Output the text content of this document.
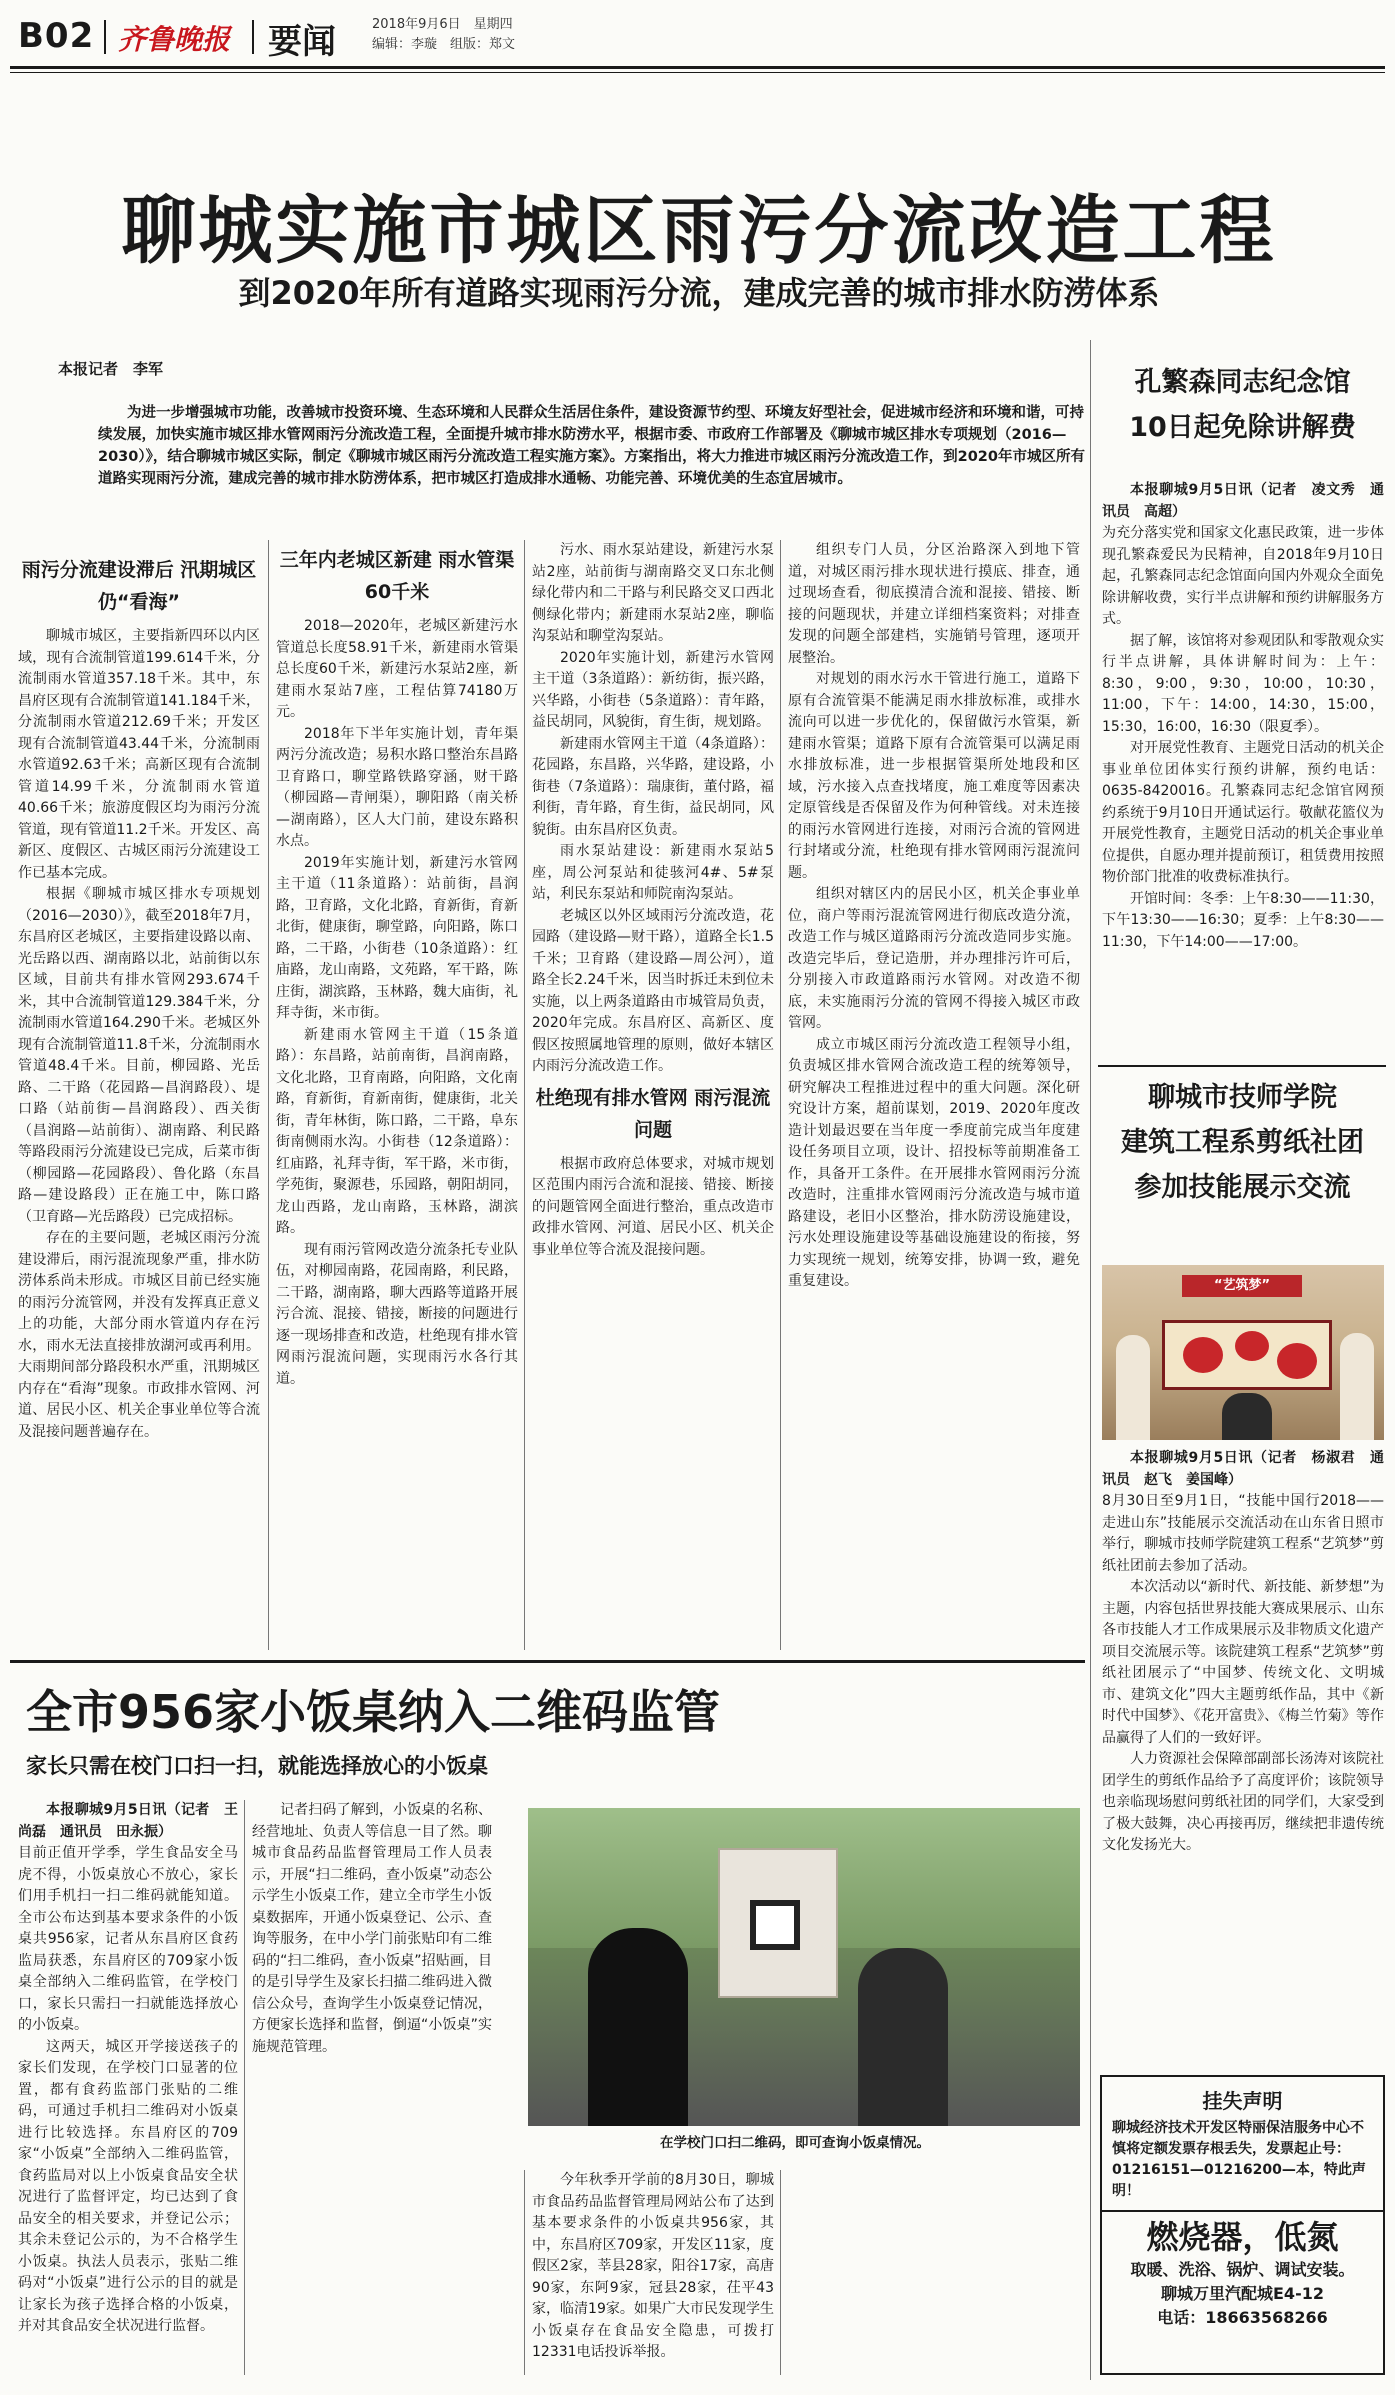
B02 齐鲁晚报 要闻	2018年9月6日　星期四
编辑：李璇　组版：郑文
聊城实施市城区雨污分流改造工程
到2020年所有道路实现雨污分流，建成完善的城市排水防涝体系
本报记者　李军
为进一步增强城市功能，改善城市投资环境、生态环境和人民群众生活居住条件，建设资源节约型、环境友好型社会，促进城市经济和环境和谐，可持续发展，加快实施市城区排水管网雨污分流改造工程，全面提升城市排水防涝水平，根据市委、市政府工作部署及《聊城市城区排水专项规划（2016—2030）》，结合聊城市城区实际，制定《聊城市城区雨污分流改造工程实施方案》。方案指出，将大力推进市城区雨污分流改造工作，到2020年市城区所有道路实现雨污分流，建成完善的城市排水防涝体系，把市城区打造成排水通畅、功能完善、环境优美的生态宜居城市。
雨污分流建设滞后 汛期城区仍“看海”

聊城市城区，主要指新四环以内区域，现有合流制管道199.614千米，分流制雨水管道357.18千米。其中，东昌府区现有合流制管道141.184千米，分流制雨水管道212.69千米；开发区现有合流制管道43.44千米，分流制雨水管道92.63千米；高新区现有合流制管道14.99千米，分流制雨水管道40.66千米；旅游度假区均为雨污分流管道，现有管道11.2千米。开发区、高新区、度假区、古城区雨污分流建设工作已基本完成。

根据《聊城市城区排水专项规划（2016—2030）》，截至2018年7月，东昌府区老城区，主要指建设路以南、光岳路以西、湖南路以北，站前街以东区域，目前共有排水管网293.674千米，其中合流制管道129.384千米，分流制雨水管道164.290千米。老城区外现有合流制管道11.8千米，分流制雨水管道48.4千米。目前，柳园路、光岳路、二干路（花园路—昌润路段）、堤口路（站前街—昌润路段）、西关街（昌润路—站前街）、湖南路、利民路等路段雨污分流建设已完成，后菜市街（柳园路—花园路段）、鲁化路（东昌路—建设路段）正在施工中，陈口路（卫育路—光岳路段）已完成招标。

存在的主要问题，老城区雨污分流建设滞后，雨污混流现象严重，排水防涝体系尚未形成。市城区目前已经实施的雨污分流管网，并没有发挥真正意义上的功能，大部分雨水管道内存在污水，雨水无法直接排放湖河或再利用。大雨期间部分路段积水严重，汛期城区内存在“看海”现象。市政排水管网、河道、居民小区、机关企事业单位等合流及混接问题普遍存在。

三年内老城区新建 雨水管渠60千米

2018—2020年，老城区新建污水管道总长度58.91千米，新建雨水管渠总长度60千米，新建污水泵站2座，新建雨水泵站7座，工程估算74180万元。

2018年下半年实施计划，青年渠两污分流改造；易积水路口整治东昌路卫育路口，聊堂路铁路穿涵，财干路（柳园路—青闸渠），聊阳路（南关桥—湖南路），区人大门前，建设东路积水点。

2019年实施计划，新建污水管网主干道（11条道路）：站前街，昌润路，卫育路，文化北路，育新街，育新北街，健康街，聊堂路，向阳路，陈口路，二干路，小街巷（10条道路）：红庙路，龙山南路，文苑路，军干路，陈庄街，湖滨路，玉林路，魏大庙街，礼拜寺街，米市街。

新建雨水管网主干道（15条道路）：东昌路，站前南街，昌润南路，文化北路，卫育南路，向阳路，文化南路，育新街，育新南街，健康街，北关街，青年林街，陈口路，二干路，阜东街南侧雨水沟。小街巷（12条道路）：红庙路，礼拜寺街，军干路，米市街，学苑街，聚源巷，乐园路，朝阳胡同，龙山西路，龙山南路，玉林路，湖滨路。

现有雨污管网改造分流条托专业队伍，对柳园南路，花园南路，利民路，二干路，湖南路，聊大西路等道路开展污合流、混接、错接，断接的问题进行逐一现场排查和改造，杜绝现有排水管网雨污混流问题，实现雨污水各行其道。

污水、雨水泵站建设，新建污水泵站2座，站前街与湖南路交叉口东北侧绿化带内和二干路与利民路交叉口西北侧绿化带内；新建雨水泵站2座，聊临沟泵站和聊堂沟泵站。

2020年实施计划，新建污水管网主干道（3条道路）：新纺街，振兴路，兴华路，小街巷（5条道路）：青年路，益民胡同，风貌街，育生街，规划路。

新建雨水管网主干道（4条道路）：花园路，东昌路，兴华路，建设路，小街巷（7条道路）：瑞康街，董付路，福利街，青年路，育生街，益民胡同，风貌街。由东昌府区负责。

雨水泵站建设：新建雨水泵站5座，周公河泵站和徒骇河4#、5#泵站，利民东泵站和师院南沟泵站。

老城区以外区域雨污分流改造，花园路（建设路—财干路），道路全长1.5千米；卫育路（建设路—周公河），道路全长2.24千米，因当时拆迁未到位未实施，以上两条道路由市城管局负责，2020年完成。东昌府区、高新区、度假区按照属地管理的原则，做好本辖区内雨污分流改造工作。

杜绝现有排水管网 雨污混流问题

根据市政府总体要求，对城市规划区范围内雨污合流和混接、错接、断接的问题管网全面进行整治，重点改造市政排水管网、河道、居民小区、机关企事业单位等合流及混接问题。

组织专门人员，分区治路深入到地下管道，对城区雨污排水现状进行摸底、排查，通过现场查看，彻底摸清合流和混接、错接、断接的问题现状，并建立详细档案资料；对排查发现的问题全部建档，实施销号管理，逐项开展整治。

对规划的雨水污水干管进行施工，道路下原有合流管渠不能满足雨水排放标准，或排水流向可以进一步优化的，保留做污水管渠，新建雨水管渠；道路下原有合流管渠可以满足雨水排放标准，进一步根据管渠所处地段和区域，污水接入点查找堵度，施工难度等因素决定原管线是否保留及作为何种管线。对未连接的雨污水管网进行连接，对雨污合流的管网进行封堵或分流，杜绝现有排水管网雨污混流问题。

组织对辖区内的居民小区，机关企事业单位，商户等雨污混流管网进行彻底改造分流，改造工作与城区道路雨污分流改造同步实施。改造完毕后，登记造册，并办理排污许可后，分别接入市政道路雨污水管网。对改造不彻底，未实施雨污分流的管网不得接入城区市政管网。

成立市城区雨污分流改造工程领导小组，负责城区排水管网合流改造工程的统筹领导，研究解决工程推进过程中的重大问题。深化研究设计方案，超前谋划，2019、2020年度改造计划最迟要在当年度一季度前完成当年度建设任务项目立项，设计、招投标等前期准备工作，具备开工条件。在开展排水管网雨污分流改造时，注重排水管网雨污分流改造与城市道路建设，老旧小区整治，排水防涝设施建设，污水处理设施建设等基础设施建设的衔接，努力实现统一规划，统筹安排，协调一致，避免重复建设。

孔繁森同志纪念馆
10日起免除讲解费

本报聊城9月5日讯（记者　凌文秀　通讯员　高超）

为充分落实党和国家文化惠民政策，进一步体现孔繁森爱民为民精神，自2018年9月10日起，孔繁森同志纪念馆面向国内外观众全面免除讲解收费，实行半点讲解和预约讲解服务方式。

据了解，该馆将对参观团队和零散观众实行半点讲解，具体讲解时间为：上午：8:30，9:00，9:30，10:00，10:30，11:00，下午：14:00，14:30，15:00，15:30，16:00，16:30（限夏季）。

对开展党性教育、主题党日活动的机关企事业单位团体实行预约讲解，预约电话：0635-8420016。孔繁森同志纪念馆官网预约系统于9月10日开通试运行。敬献花篮仪为开展党性教育，主题党日活动的机关企事业单位提供，自愿办理并提前预订，租赁费用按照物价部门批准的收费标准执行。

开馆时间：冬季：上午8:30——11:30，下午13:30——16:30；夏季：上午8:30——11:30，下午14:00——17:00。

聊城市技师学院
建筑工程系剪纸社团
参加技能展示交流
“艺筑梦”

本报聊城9月5日讯（记者　杨淑君　通讯员　赵飞　姜国峰）

8月30日至9月1日，“技能中国行2018——走进山东”技能展示交流活动在山东省日照市举行，聊城市技师学院建筑工程系“艺筑梦”剪纸社团前去参加了活动。

本次活动以“新时代、新技能、新梦想”为主题，内容包括世界技能大赛成果展示、山东各市技能人才工作成果展示及非物质文化遗产项目交流展示等。该院建筑工程系“艺筑梦”剪纸社团展示了“中国梦、传统文化、文明城市、建筑文化”四大主题剪纸作品，其中《新时代中国梦》、《花开富贵》、《梅兰竹菊》等作品赢得了人们的一致好评。

人力资源社会保障部副部长汤涛对该院社团学生的剪纸作品给予了高度评价；该院领导也亲临现场慰问剪纸社团的同学们，大家受到了极大鼓舞，决心再接再厉，继续把非遗传统文化发扬光大。

挂失声明
聊城经济技术开发区特丽保洁服务中心不慎将定额发票存根丢失，发票起止号：01216151—01216200—本，特此声明！
燃烧器，低氮
取暖、洗浴、锅炉、调试安装。
聊城万里汽配城E4-12
电话：18663568266
全市956家小饭桌纳入二维码监管
家长只需在校门口扫一扫，就能选择放心的小饭桌

本报聊城9月5日讯（记者　王尚磊　通讯员　田永振）

目前正值开学季，学生食品安全马虎不得，小饭桌放心不放心，家长们用手机扫一扫二维码就能知道。全市公布达到基本要求条件的小饭桌共956家，记者从东昌府区食药监局获悉，东昌府区的709家小饭桌全部纳入二维码监管，在学校门口，家长只需扫一扫就能选择放心的小饭桌。

这两天，城区开学接送孩子的家长们发现，在学校门口显著的位置，都有食药监部门张贴的二维码，可通过手机扫二维码对小饭桌进行比较选择。东昌府区的709家“小饭桌”全部纳入二维码监管，食药监局对以上小饭桌食品安全状况进行了监督评定，均已达到了食品安全的相关要求，并登记公示；其余未登记公示的，为不合格学生小饭桌。执法人员表示，张贴二维码对“小饭桌”进行公示的目的就是让家长为孩子选择合格的小饭桌，并对其食品安全状况进行监督。

记者扫码了解到，小饭桌的名称、经营地址、负责人等信息一目了然。聊城市食品药品监督管理局工作人员表示，开展“扫二维码，查小饭桌”动态公示学生小饭桌工作，建立全市学生小饭桌数据库，开通小饭桌登记、公示、查询等服务，在中小学门前张贴印有二维码的“扫二维码，查小饭桌”招贴画，目的是引导学生及家长扫描二维码进入微信公众号，查询学生小饭桌登记情况，方便家长选择和监督，倒逼“小饭桌”实施规范管理。

在学校门口扫二维码，即可查询小饭桌情况。

今年秋季开学前的8月30日，聊城市食品药品监督管理局网站公布了达到基本要求条件的小饭桌共956家，其中，东昌府区709家，开发区11家，度假区2家，莘县28家，阳谷17家，高唐90家，东阿9家，冠县28家，茌平43家，临清19家。如果广大市民发现学生小饭桌存在食品安全隐患，可拨打12331电话投诉举报。
